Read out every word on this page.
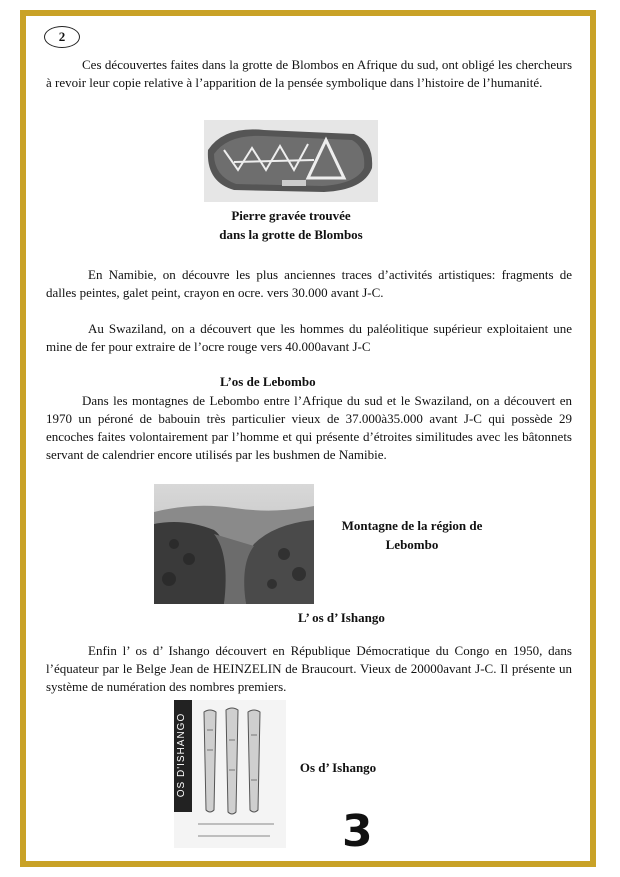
2
Ces découvertes faites dans la grotte de Blombos en Afrique du sud, ont obligé les chercheurs à revoir leur copie relative à l’apparition de la pensée symbolique dans l’histoire de l’humanité.
Pierre gravée trouvée
dans la grotte de Blombos
En Namibie, on découvre les plus anciennes traces d’activités artistiques: fragments de dalles peintes, galet peint, crayon en ocre. vers 30.000 avant J-C.
Au Swaziland, on a découvert que les hommes du paléolitique supérieur exploitaient une mine de fer pour extraire de l’ocre rouge vers 40.000avant J-C
L’os de Lebombo
Dans les montagnes de Lebombo entre l’Afrique du sud et le Swaziland, on a découvert en 1970 un péroné de babouin très particulier vieux de 37.000à35.000 avant J-C qui possède 29 encoches faites volontairement par l’homme et qui présente d’étroites similitudes avec les bâtonnets servant de calendrier encore utilisés par les bushmen de Namibie.
Montagne de la région de
Lebombo
L’ os d’ Ishango
Enfin l’ os d’ Ishango découvert en République Démocratique du Congo en 1950, dans l’équateur par le Belge Jean de HEINZELIN de Braucourt. Vieux de 20000avant J-C. Il présente un système de numération des nombres premiers.
OS D'ISHANGO	Os d’ Ishango
3
